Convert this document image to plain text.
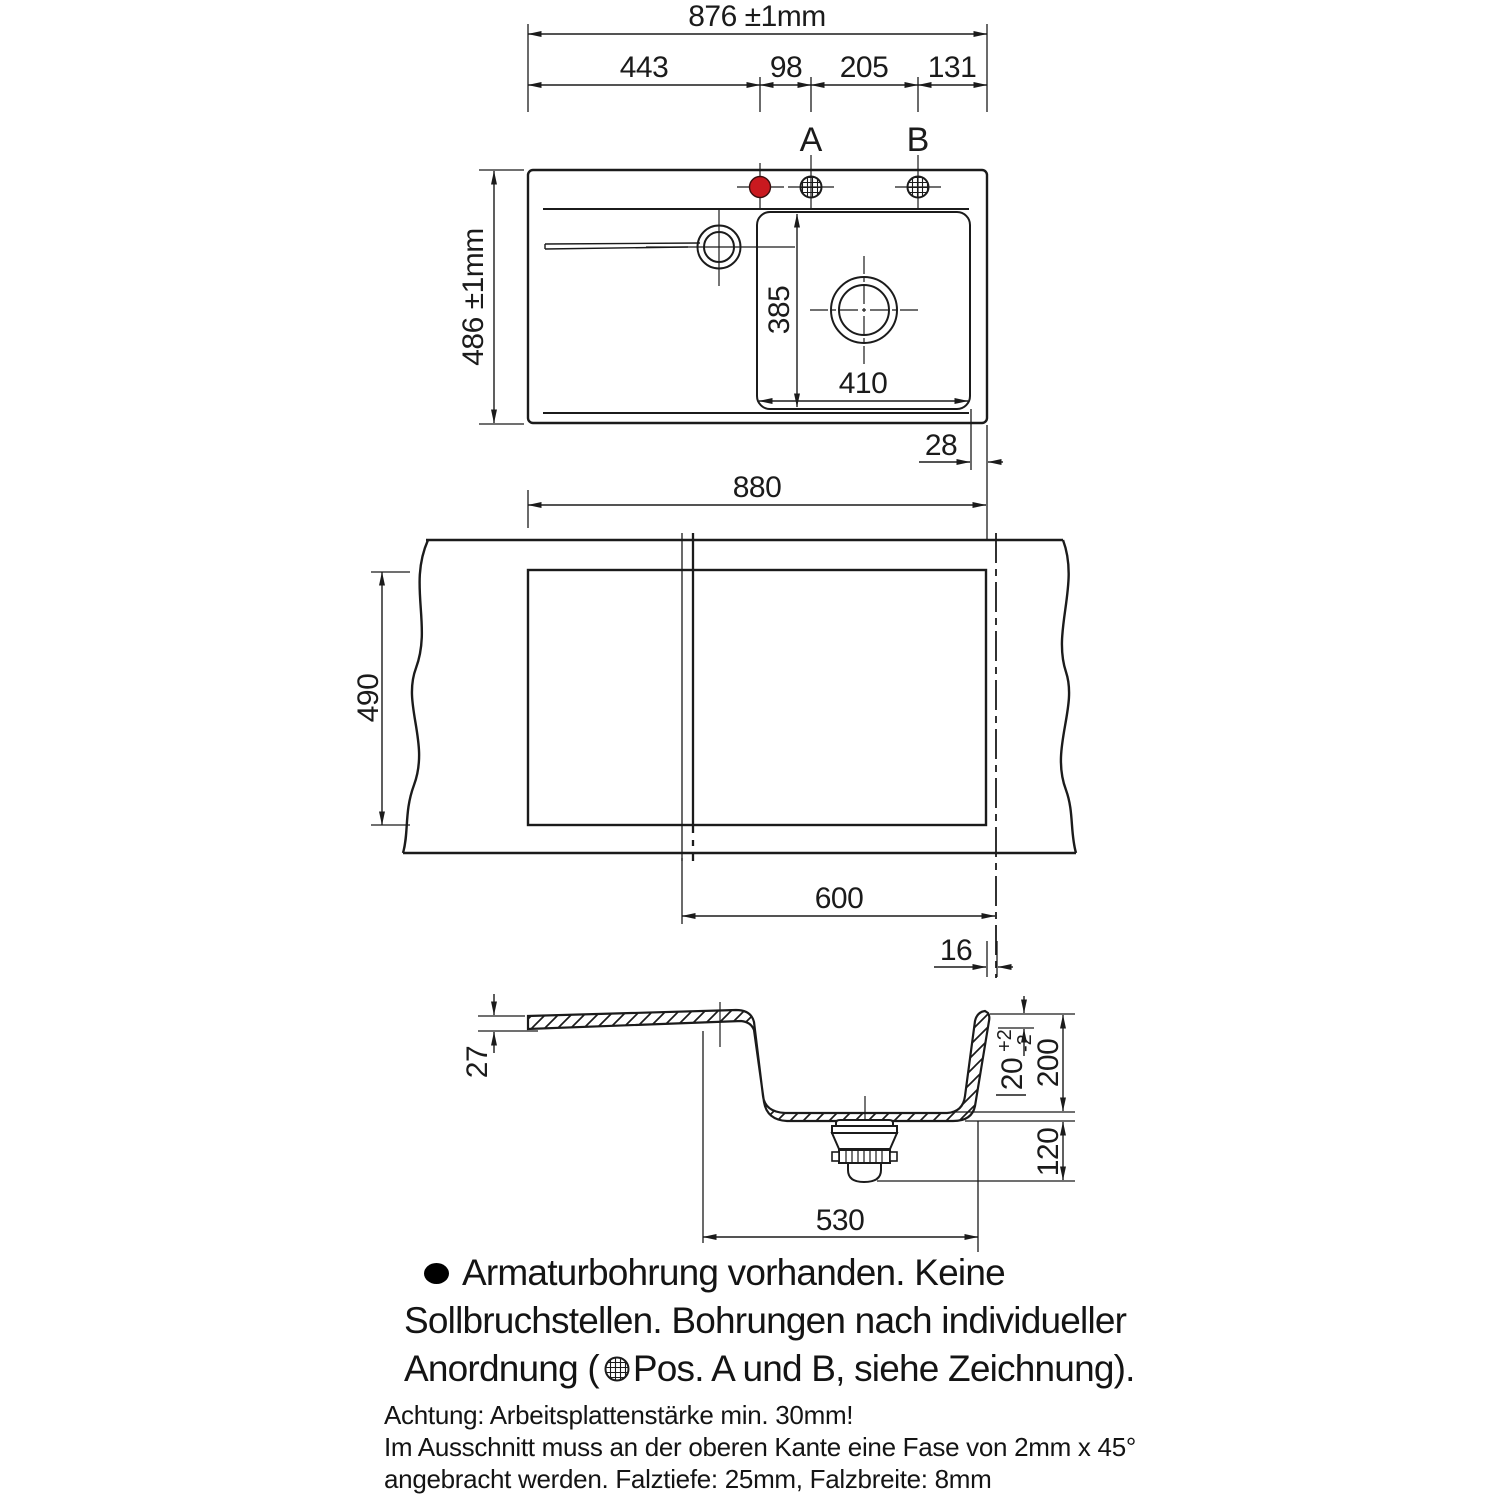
876 ±1mm
443	98 205 131
A B
385
410
486 ±1mm
28
880
490
600
16
27	20
+2
-2
200
120
530
Armaturbohrung vorhanden. Keine
Sollbruchstellen. Bohrungen nach individueller
Anordnung ( Pos. A und B, siehe Zeichnung).
Achtung: Arbeitsplattenstärke min. 30mm!
Im Ausschnitt muss an der oberen Kante eine Fase von 2mm x 45°
angebracht werden. Falztiefe: 25mm, Falzbreite: 8mm
